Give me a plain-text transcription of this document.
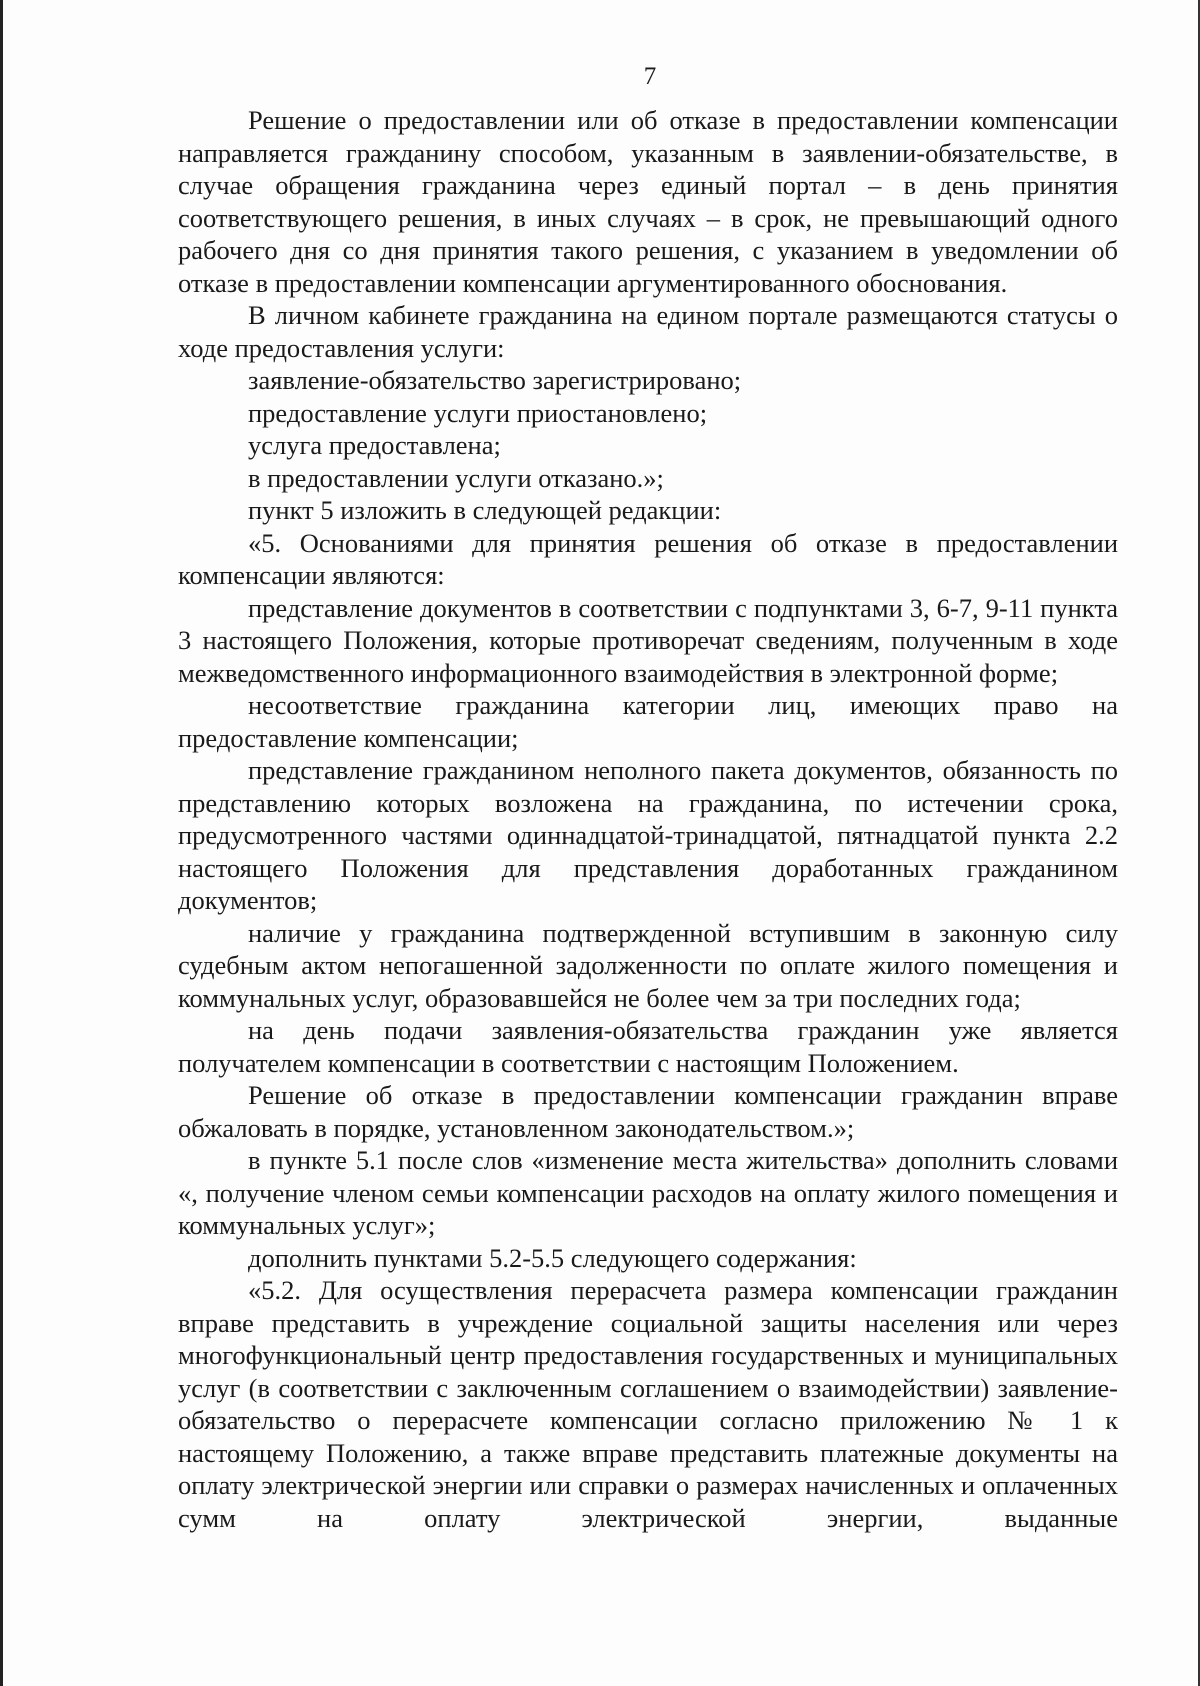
7

Решение о предоставлении или об отказе в предоставлении компенсации направляется гражданину способом, указанным в заявлении-обязательстве, в случае обращения гражданина через единый портал – в день принятия соответствующего решения, в иных случаях – в срок, не превышающий одного рабочего дня со дня принятия такого решения, с указанием в уведомлении об отказе в предоставлении компенсации аргументированного обоснования.

В личном кабинете гражданина на едином портале размещаются статусы о ходе предоставления услуги:

заявление-обязательство зарегистрировано;

предоставление услуги приостановлено;

услуга предоставлена;

в предоставлении услуги отказано.»;

пункт 5 изложить в следующей редакции:

«5. Основаниями для принятия решения об отказе в предоставлении компенсации являются:

представление документов в соответствии с подпунктами 3, 6-7, 9-11 пункта 3 настоящего Положения, которые противоречат сведениям, полученным в ходе межведомственного информационного взаимодействия в электронной форме;

несоответствие гражданина категории лиц, имеющих право на предоставление компенсации;

представление гражданином неполного пакета документов, обязанность по представлению которых возложена на гражданина, по истечении срока, предусмотренного частями одиннадцатой-тринадцатой, пятнадцатой пункта 2.2 настоящего Положения для представления доработанных гражданином документов;

наличие у гражданина подтвержденной вступившим в законную силу судебным актом непогашенной задолженности по оплате жилого помещения и коммунальных услуг, образовавшейся не более чем за три последних года;

на день подачи заявления-обязательства гражданин уже является получателем компенсации в соответствии с настоящим Положением.

Решение об отказе в предоставлении компенсации гражданин вправе обжаловать в порядке, установленном законодательством.»;

в пункте 5.1 после слов «изменение места жительства» дополнить словами «, получение членом семьи компенсации расходов на оплату жилого помещения и коммунальных услуг»;

дополнить пунктами 5.2-5.5 следующего содержания:

«5.2. Для осуществления перерасчета размера компенсации гражданин вправе представить в учреждение социальной защиты населения или через многофункциональный центр предоставления государственных и муниципальных услуг (в соответствии с заключенным соглашением о взаимодействии) заявление-обязательство о перерасчете компенсации согласно приложению № 1 к настоящему Положению, а также вправе представить платежные документы на оплату электрической энергии или справки о размерах начисленных и оплаченных сумм на оплату электрической энергии, выданные
